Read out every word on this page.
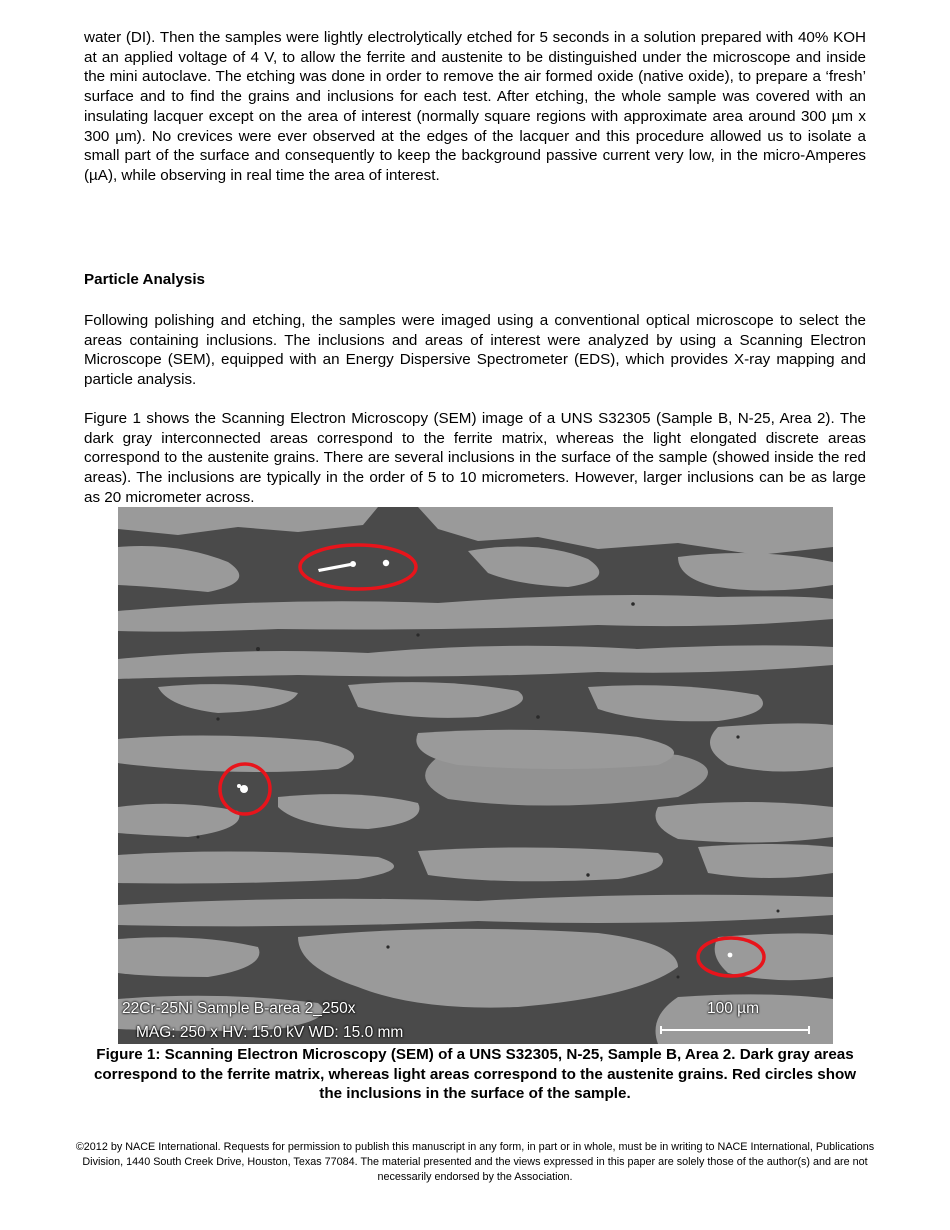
water (DI). Then the samples were lightly electrolytically etched for 5 seconds in a solution prepared with 40% KOH at an applied voltage of 4 V, to allow the ferrite and austenite to be distinguished under the microscope and inside the mini autoclave. The etching was done in order to remove the air formed oxide (native oxide), to prepare a ‘fresh’ surface and to find the grains and inclusions for each test. After etching, the whole sample was covered with an insulating lacquer except on the area of interest (normally square regions with approximate area around 300 µm x 300 µm). No crevices were ever observed at the edges of the lacquer and this procedure allowed us to isolate a small part of the surface and consequently to keep the background passive current very low, in the micro-Amperes (µA), while observing in real time the area of interest.

Particle Analysis

Following polishing and etching, the samples were imaged using a conventional optical microscope to select the areas containing inclusions. The inclusions and areas of interest were analyzed by using a Scanning Electron Microscope (SEM), equipped with an Energy Dispersive Spectrometer (EDS), which provides X-ray mapping and particle analysis.

Figure 1 shows the Scanning Electron Microscopy (SEM) image of a UNS S32305 (Sample B, N-25, Area 2). The dark gray interconnected areas correspond to the ferrite matrix, whereas the light elongated discrete areas correspond to the austenite grains. There are several inclusions in the surface of the sample (showed inside the red areas). The inclusions are typically in the order of 5 to 10 micrometers. However, larger inclusions can be as large as 20 micrometer across.

22Cr-25Ni Sample B-area 2_250x
MAG: 250 x HV: 15.0 kV WD: 15.0 mm
100 µm

Figure 1: Scanning Electron Microscopy (SEM) of a UNS S32305, N-25, Sample B, Area 2. Dark gray areas correspond to the ferrite matrix, whereas light areas correspond to the austenite grains. Red circles show the inclusions in the surface of the sample.

©2012 by NACE International. Requests for permission to publish this manuscript in any form, in part or in whole, must be in writing to NACE International, Publications Division, 1440 South Creek Drive, Houston, Texas 77084. The material presented and the views expressed in this paper are solely those of the author(s) and are not necessarily endorsed by the Association.
